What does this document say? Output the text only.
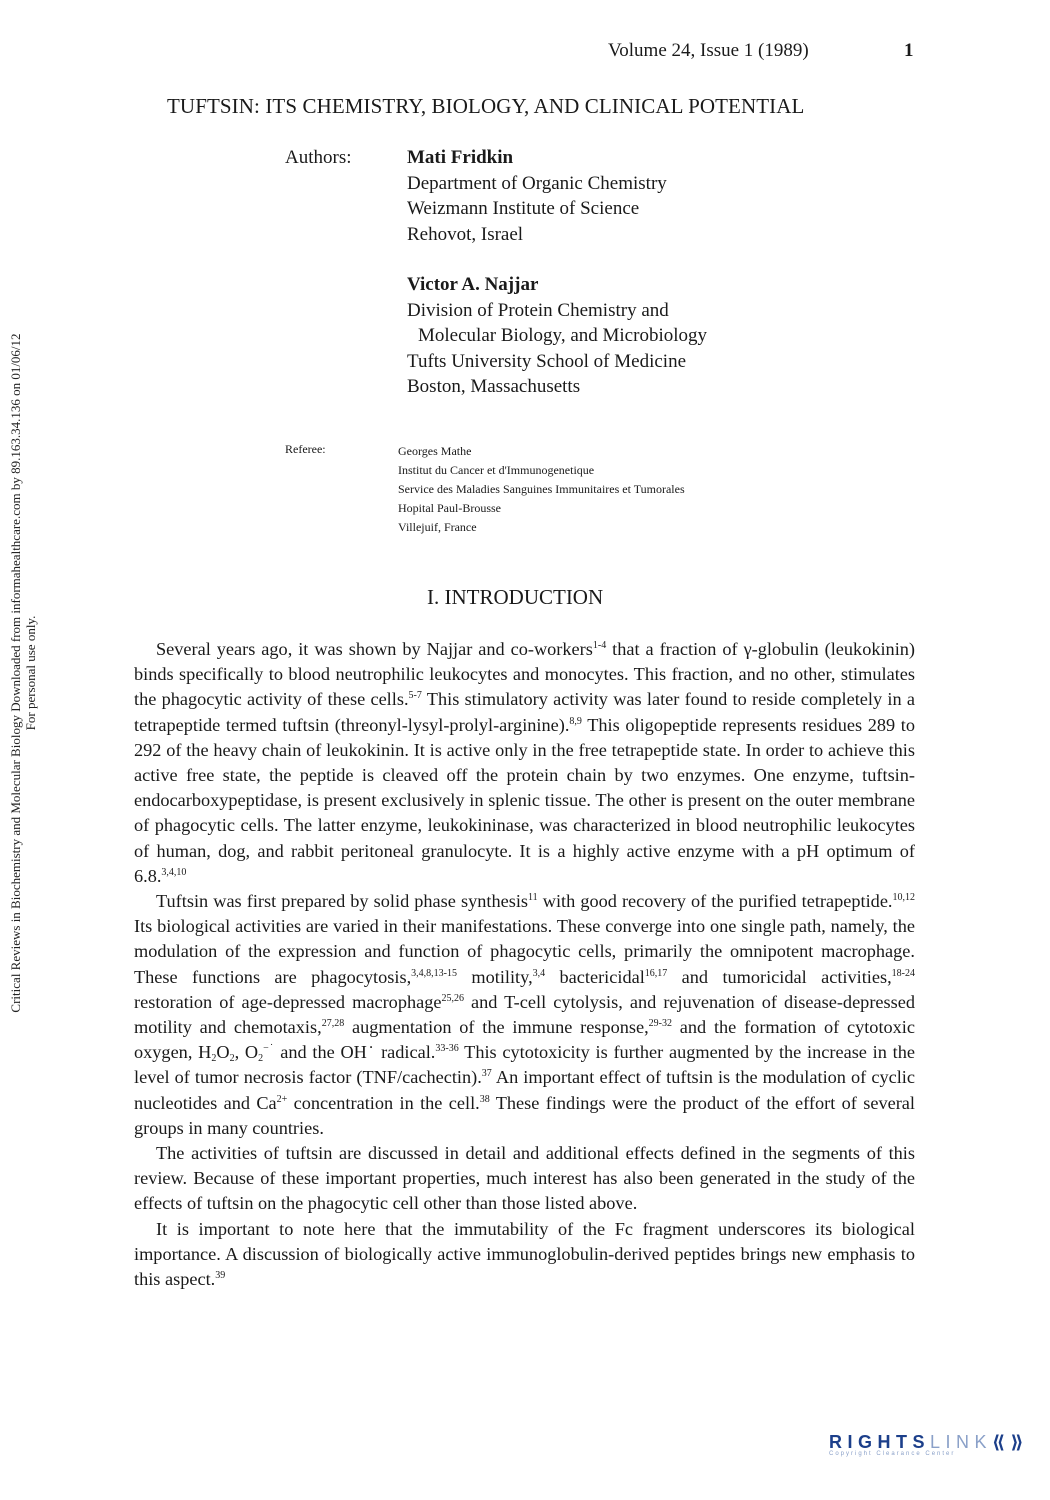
Volume 24, Issue 1 (1989)	1
TUFTSIN: ITS CHEMISTRY, BIOLOGY, AND CLINICAL POTENTIAL
Authors:	Mati Fridkin
Department of Organic Chemistry
Weizmann Institute of Science
Rehovot, Israel
Victor A. Najjar
Division of Protein Chemistry and
Molecular Biology, and Microbiology
Tufts University School of Medicine
Boston, Massachusetts
Referee:	Georges Mathe
Institut du Cancer et d'Immunogenetique
Service des Maladies Sanguines Immunitaires et Tumorales
Hopital Paul-Brousse
Villejuif, France
I. INTRODUCTION

Several years ago, it was shown by Najjar and co-workers$^{1-4}$ that a fraction of γ-globulin (leukokinin) binds specifically to blood neutrophilic leukocytes and monocytes. This fraction, and no other, stimulates the phagocytic activity of these cells.$^{5-7}$ This stimulatory activity was later found to reside completely in a tetrapeptide termed tuftsin (threonyl-lysyl-prolyl-arginine).$^{8,9}$ This oligopeptide represents residues 289 to 292 of the heavy chain of leukokinin. It is active only in the free tetrapeptide state. In order to achieve this active free state, the peptide is cleaved off the protein chain by two enzymes. One enzyme, tuftsin-endocarboxypeptidase, is present exclusively in splenic tissue. The other is present on the outer membrane of phagocytic cells. The latter enzyme, leukokininase, was characterized in blood neutrophilic leukocytes of human, dog, and rabbit peritoneal granulocyte. It is a highly active enzyme with a pH optimum of 6.8.$^{3,4,10}$

Tuftsin was first prepared by solid phase synthesis$^{11}$ with good recovery of the purified tetrapeptide.$^{10,12}$ Its biological activities are varied in their manifestations. These converge into one single path, namely, the modulation of the expression and function of phagocytic cells, primarily the omnipotent macrophage. These functions are phagocytosis,$^{3,4,8,13-15}$ motility,$^{3,4}$ bactericidal$^{16,17}$ and tumoricidal activities,$^{18-24}$ restoration of age-depressed macrophage$^{25,26}$ and T-cell cytolysis, and rejuvenation of disease-depressed motility and chemotaxis,$^{27,28}$ augmentation of the immune response,$^{29-32}$ and the formation of cytotoxic oxygen, $H_2O_2$, $O_2^{-˙}$ and the OH˙ radical.$^{33-36}$ This cytotoxicity is further augmented by the increase in the level of tumor necrosis factor (TNF/cachectin).$^{37}$ An important effect of tuftsin is the modulation of cyclic nucleotides and $Ca^{2+}$ concentration in the cell.$^{38}$ These findings were the product of the effort of several groups in many countries.

The activities of tuftsin are discussed in detail and additional effects defined in the segments of this review. Because of these important properties, much interest has also been generated in the study of the effects of tuftsin on the phagocytic cell other than those listed above.

It is important to note here that the immutability of the Fc fragment underscores its biological importance. A discussion of biologically active immunoglobulin-derived peptides brings new emphasis to this aspect.$^{39}$

Critical Reviews in Biochemistry and Molecular Biology Downloaded from informahealthcare.com by 89.163.34.136 on 01/06/12 For personal use only.
RIGHTSLINK⟪⟫
Copyright Clearance Center
